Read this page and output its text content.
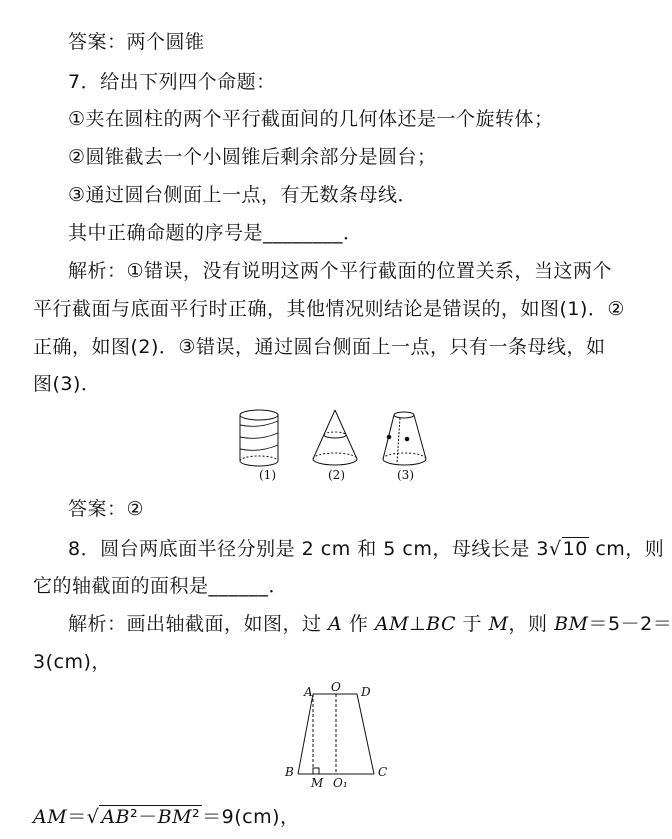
答案：两个圆锥
7．给出下列四个命题：
①夹在圆柱的两个平行截面间的几何体还是一个旋转体；
②圆锥截去一个小圆锥后剩余部分是圆台；
③通过圆台侧面上一点，有无数条母线．
其中正确命题的序号是________．
解析：①错误，没有说明这两个平行截面的位置关系，当这两个
平行截面与底面平行时正确，其他情况则结论是错误的，如图(1)．②
正确，如图(2)．③错误，通过圆台侧面上一点，只有一条母线，如
图(3)．
(1)	(2)	(3)
答案：②
8．圆台两底面半径分别是 2 cm 和 5 cm，母线长是 3√10 cm，则
它的轴截面的面积是______．
解析：画出轴截面，如图，过 A 作 AM⊥BC 于 M，则 BM＝5－2＝
3(cm)，
A O D
B
M O₁
C
AM＝√ AB²－BM² ＝9(cm)，
